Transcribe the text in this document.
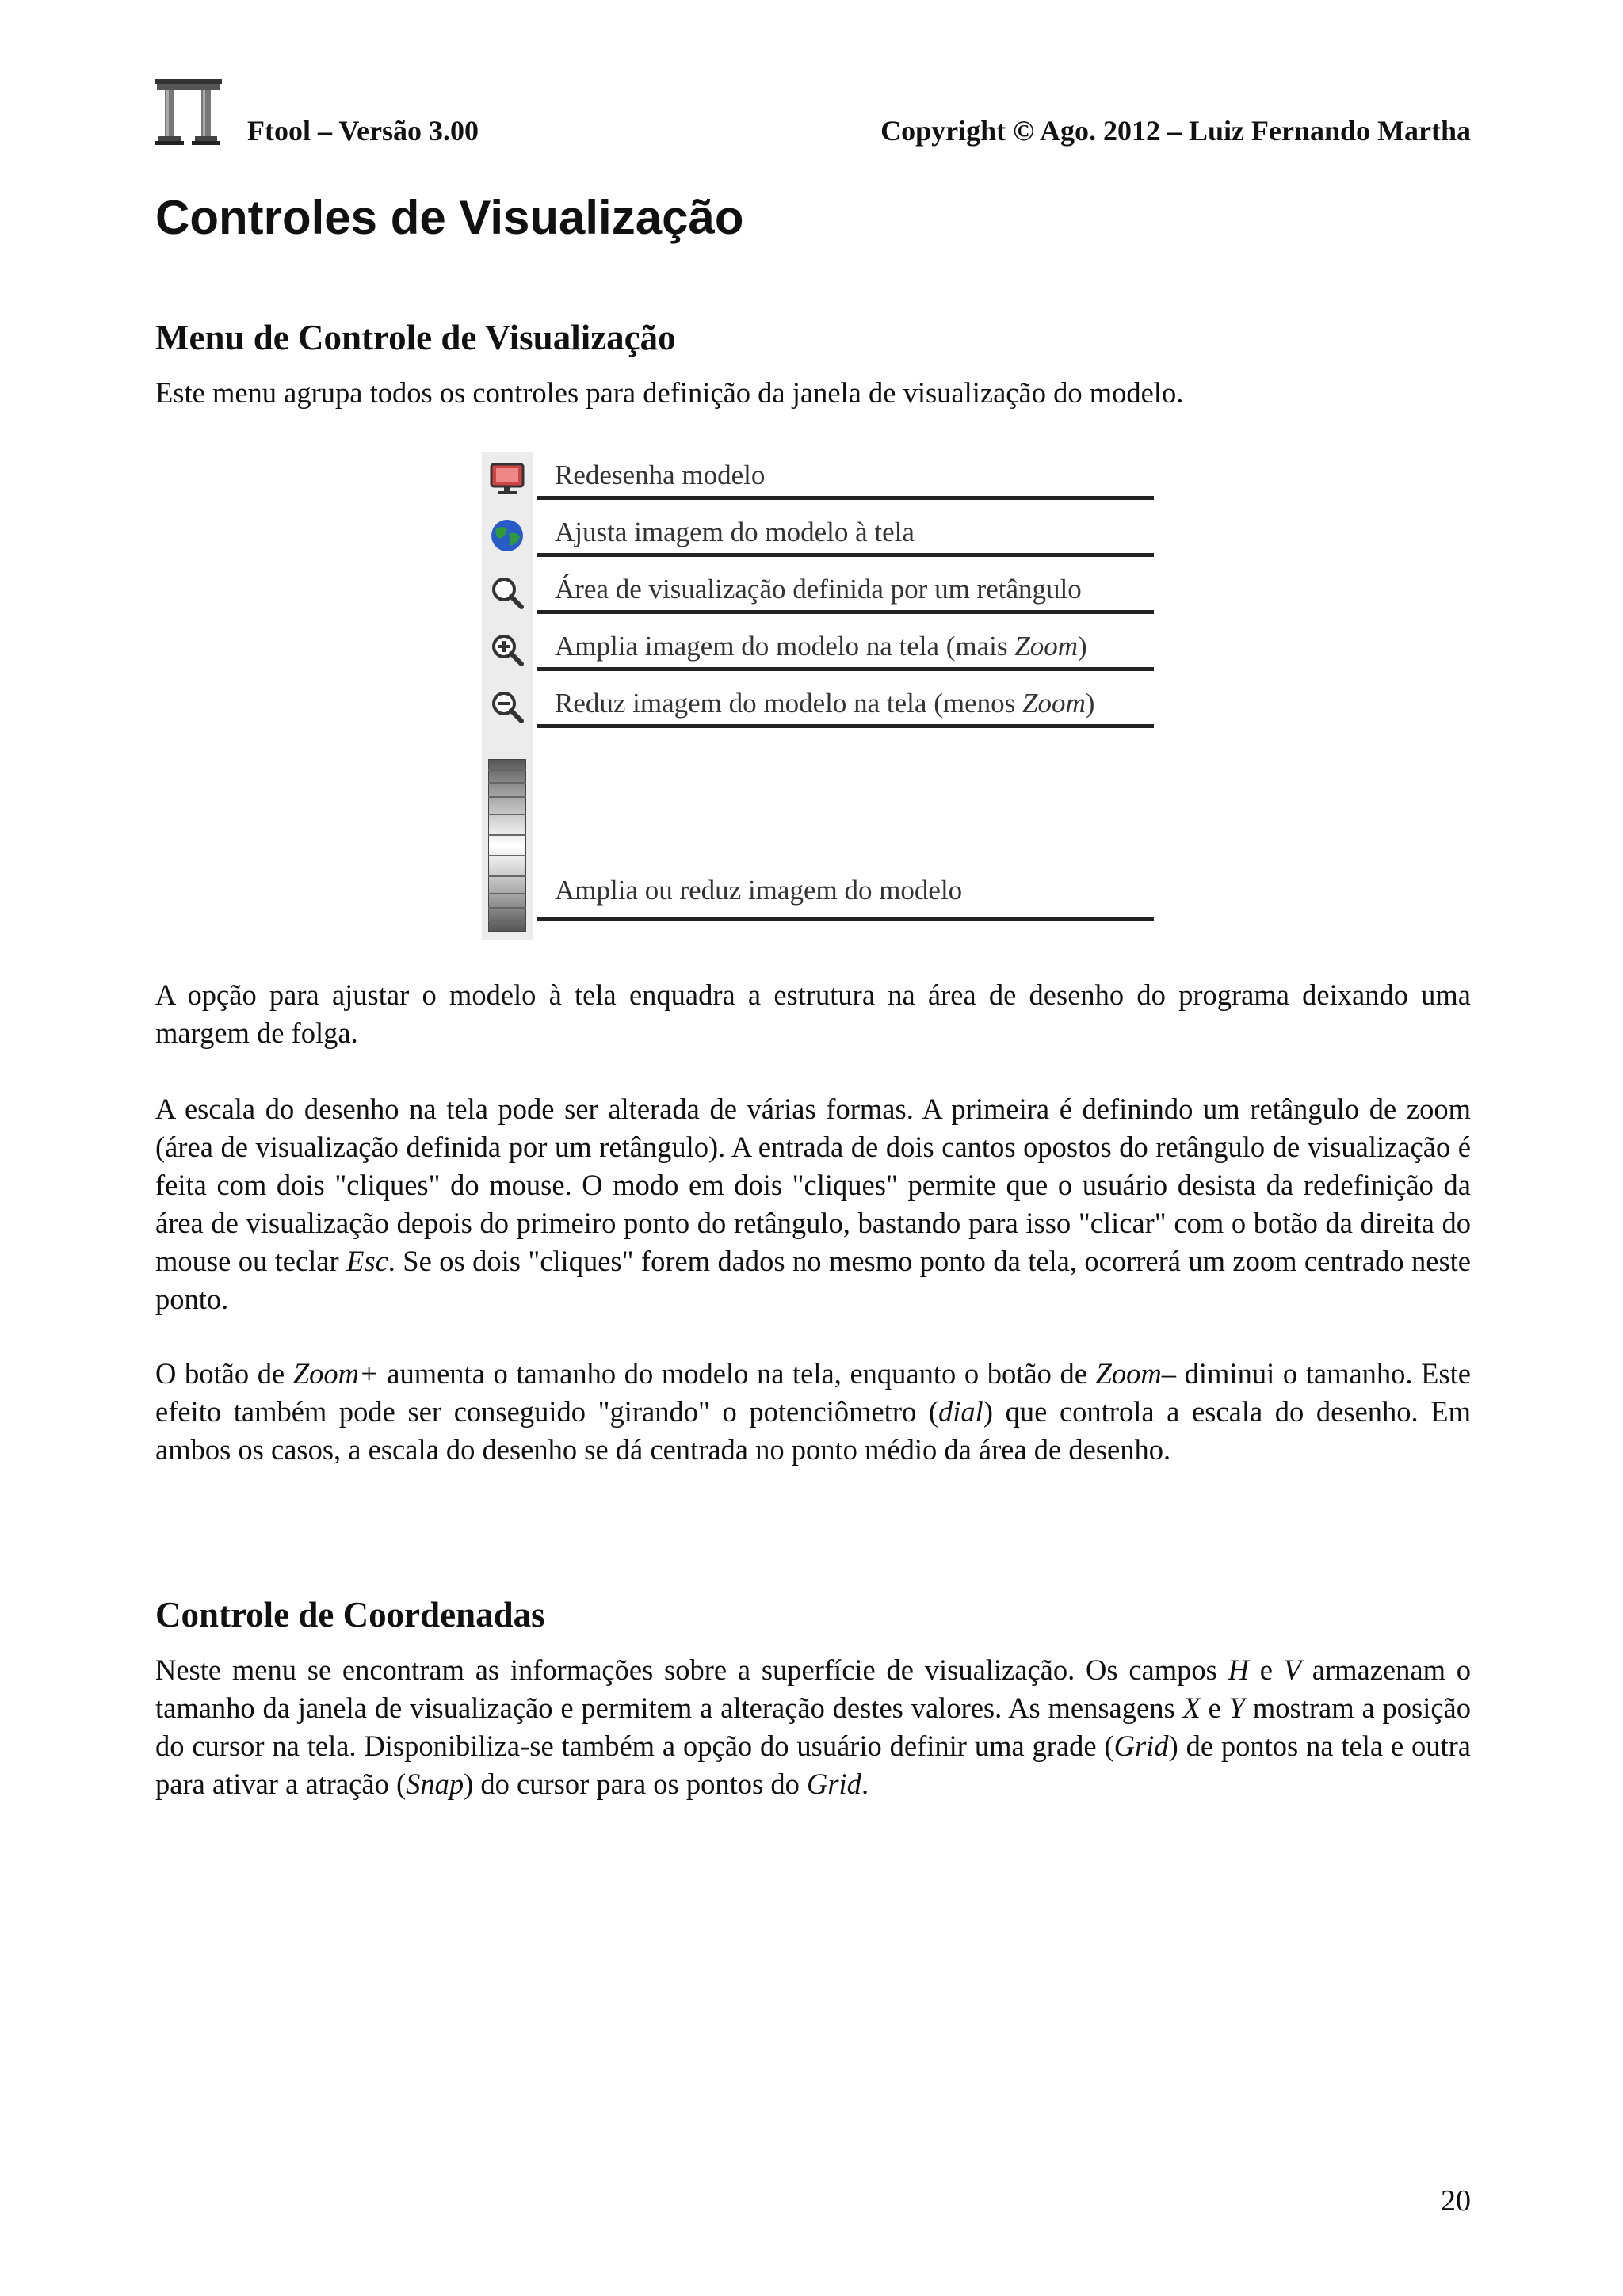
Ftool – Versão 3.00	Copyright © Ago. 2012 – Luiz Fernando Martha
Controles de Visualização
Menu de Controle de Visualização

Este menu agrupa todos os controles para definição da janela de visualização do modelo.

Redesenha modelo
Ajusta imagem do modelo à tela
Área de visualização definida por um retângulo
Amplia imagem do modelo na tela (mais Zoom)
Reduz imagem do modelo na tela (menos Zoom)
Amplia ou reduz imagem do modelo

A opção para ajustar o modelo à tela enquadra a estrutura na área de desenho do programa deixando uma margem de folga.

A escala do desenho na tela pode ser alterada de várias formas. A primeira é definindo um retângulo de zoom (área de visualização definida por um retângulo). A entrada de dois cantos opostos do retângulo de visualização é feita com dois "cliques" do mouse. O modo em dois "cliques" permite que o usuário desista da redefinição da área de visualização depois do primeiro ponto do retângulo, bastando para isso "clicar" com o botão da direita do mouse ou teclar Esc. Se os dois "cliques" forem dados no mesmo ponto da tela, ocorrerá um zoom centrado neste ponto.

O botão de Zoom+ aumenta o tamanho do modelo na tela, enquanto o botão de Zoom– diminui o tamanho. Este efeito também pode ser conseguido "girando" o potenciômetro (dial) que controla a escala do desenho. Em ambos os casos, a escala do desenho se dá centrada no ponto médio da área de desenho.

Controle de Coordenadas

Neste menu se encontram as informações sobre a superfície de visualização. Os campos H e V armazenam o tamanho da janela de visualização e permitem a alteração destes valores. As mensagens X e Y mostram a posição do cursor na tela. Disponibiliza-se também a opção do usuário definir uma grade (Grid) de pontos na tela e outra para ativar a atração (Snap) do cursor para os pontos do Grid.

20
